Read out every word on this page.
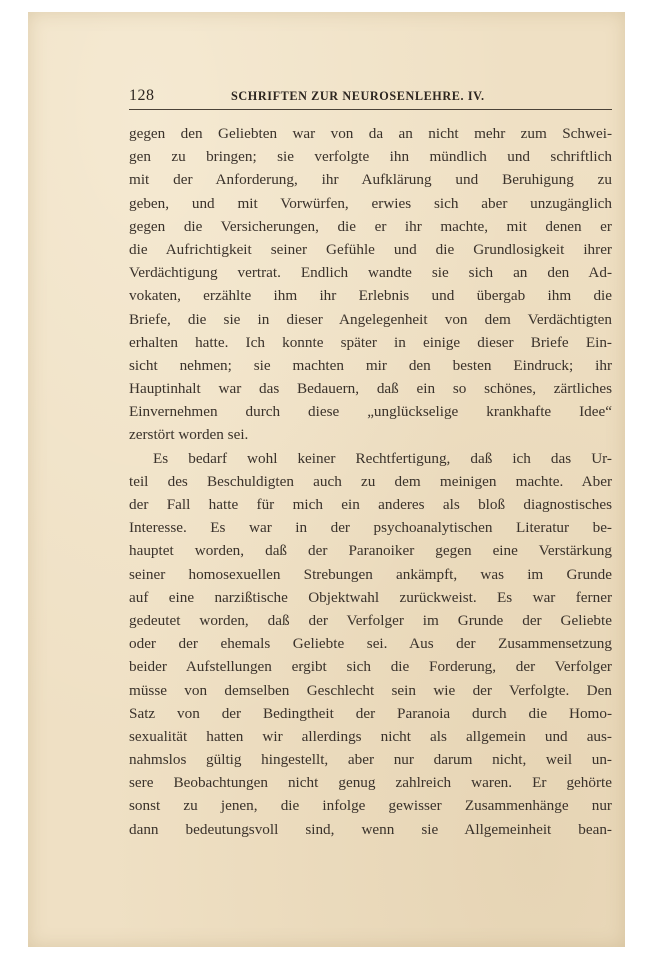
128	SCHRIFTEN ZUR NEUROSENLEHRE. IV.
gegen den Geliebten war von da an nicht mehr zum Schwei-
gen zu bringen; sie verfolgte ihn mündlich und schriftlich
mit der Anforderung, ihr Aufklärung und Beruhigung zu
geben, und mit Vorwürfen, erwies sich aber unzugänglich
gegen die Versicherungen, die er ihr machte, mit denen er
die Aufrichtigkeit seiner Gefühle und die Grundlosigkeit ihrer
Verdächtigung vertrat. Endlich wandte sie sich an den Ad-
vokaten, erzählte ihm ihr Erlebnis und übergab ihm die
Briefe, die sie in dieser Angelegenheit von dem Verdächtigten
erhalten hatte. Ich konnte später in einige dieser Briefe Ein-
sicht nehmen; sie machten mir den besten Eindruck; ihr
Hauptinhalt war das Bedauern, daß ein so schönes, zärtliches
Einvernehmen durch diese „unglückselige krankhafte Idee“
zerstört worden sei.
Es bedarf wohl keiner Rechtfertigung, daß ich das Ur-
teil des Beschuldigten auch zu dem meinigen machte. Aber
der Fall hatte für mich ein anderes als bloß diagnostisches
Interesse. Es war in der psychoanalytischen Literatur be-
hauptet worden, daß der Paranoiker gegen eine Verstärkung
seiner homosexuellen Strebungen ankämpft, was im Grunde
auf eine narzißtische Objektwahl zurückweist. Es war ferner
gedeutet worden, daß der Verfolger im Grunde der Geliebte
oder der ehemals Geliebte sei. Aus der Zusammensetzung
beider Aufstellungen ergibt sich die Forderung, der Verfolger
müsse von demselben Geschlecht sein wie der Verfolgte. Den
Satz von der Bedingtheit der Paranoia durch die Homo-
sexualität hatten wir allerdings nicht als allgemein und aus-
nahmslos gültig hingestellt, aber nur darum nicht, weil un-
sere Beobachtungen nicht genug zahlreich waren. Er gehörte
sonst zu jenen, die infolge gewisser Zusammenhänge nur
dann bedeutungsvoll sind, wenn sie Allgemeinheit bean-
